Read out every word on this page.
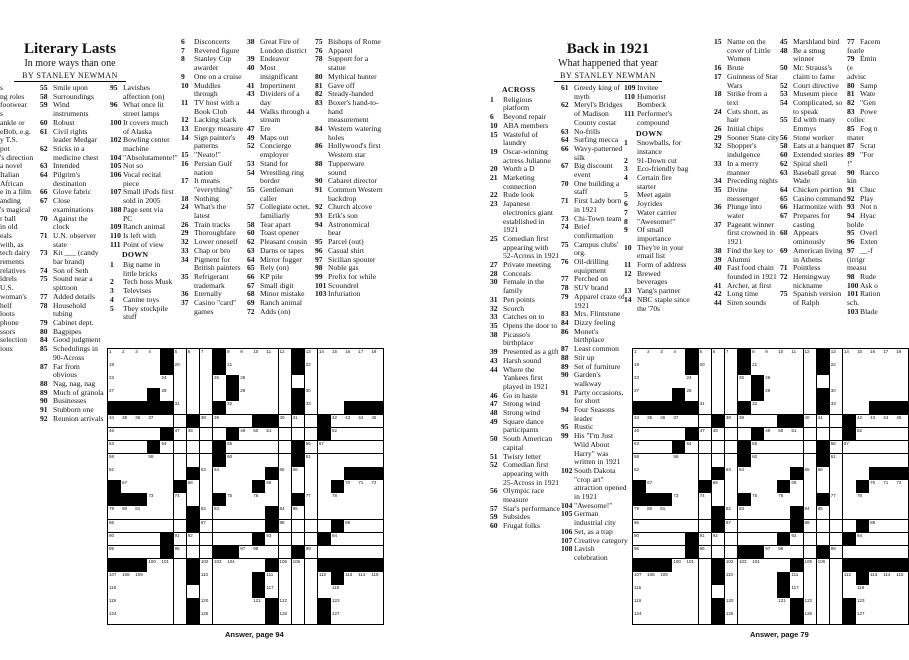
Literary Lasts
In more ways than one
BY STANLEY NEWMAN
s
ng roles
footwear
s
ankle or
eBob, e.g.
y T.S.
pot
's direction
a novel
Italian
African
e in a film
anding
's magical
r ball
in old
eals
with, as
tech dairy
rements
relatives
ldrels
U.S.
woman's
helf
loots
phone
ssors
selection
ious
55 Smile upon
58 Surroundings
59 Wind instruments
60 Robust
61 Civil rights leader Medgar
62 Sticks in a medicine chest
63 Intended
64 Pilgrim's destination
66 Glove fabric
67 Close examinations
70 Against the clock
71 U.N. observer state
73 Kit ___ (candy bar brand)
74 Son of Seth
75 Sound near a spittoon
77 Added details
78 Household tubing
79 Cabinet dept.
80 Bagpipes
84 Good judgment
85 Schedulings in 90-Across
87 Far from obvious
88 Nag, nag, nag
89 Much of granola
90 Businesses
91 Stubborn one
92 Reunion arrivals
95 Lavishes affection (on)
96 What once lit street lamps
100 It covers much of Alaska
102 Bowling center machine
104 "Absolutamente!"
105 Not so
106 Vocal recital piece
107 Small iPods first sold in 2005
108 Page sent via PC
109 Ranch animal
110 Is left with
111 Point of view
DOWN
1	Big name in little bricks
2	Tech boss Musk
3	Televises
4	Canine toys
5	They stockpile stuff
6	Disconcerts
7	Revered figure
8	Stanley Cup awarder
9	One on a cruise
10 Muddles through
11 TV host with a Book Club
12 Lacking slack
13 Energy measure
14 Sign painter's patterns
15 "Neato!"
16 Persian Gulf nation
17 It means "everything"
18 Nothing
24 What's the latest
26 Train tracks
29 Thoroughfare
32 Lower oneself
33 Chap or bro
34 Pigment for British painters
35 Refrigerant trademark
36 Eternally
37 Casino "card" games
38 Great Fire of London district
39 Endeavor
40 Most insignificant
41 Impertinent
43 Dividers of a day
44 Walks through a stream
47 Ere
49 Maps out
52 Concierge employer
53 Stand for
54 Wrestling ring border
55 Gentleman caller
57 Collegiate octet, familiarly
58 Tear apart
60 Toast opener
62 Pleasant cousin
63 Darns or tapes
64 Mirror fogger
65 Rely (on)
66 KP pile
67 Small digit
68 Minor mistake
69 Ranch animal
72 Adds (on)
75 Bishops of Rome
76 Apparel
78 Support for a statue
80 Mythical hunter
81 Gave off
82 Steady-handed
83 Boxer's hand-to-hand measurement
84 Western watering holes
86 Hollywood's first Western star
88 Tupperware sound
90 Cabaret director
91 Common Western backdrop
92 Church alcove
93 Erik's son
94 Astronomical bear
95 Parcel (out)
96 Casual shirt
97 Sicilian spouter
98 Noble gas
99 Prefix for while
101 Scoundrel
103 Infuriation
1 2 3 4	5 6 7	8 9 10 11 12	13 14 15 16 17 18
19	20	21	22
23	24	25	26
27	28	29	30
31	32	33
34 35 36 37	38 39	40 41	42 43 44 45
46	47 48	49 50 51	52
53	54	55	56 57
58	59	60	61
62	63 64	65 66
67	68	69	70 71 72
73	74	75	76	77	78
79 80 81	82 83	84 85
86	87	88	89
90	91 92	93	94
95	96	97 98	99
100 101	102 103 104	105 106
107 108 109	110	111	112	113 114 115
116	117	118
119	120	121	122	123
124	125	126	127
Answer, page 94
Back in 1921
What happened that year
BY STANLEY NEWMAN
ACROSS
1	Religious platform
6	Beyond repair
10 ABA members
15 Wasteful of laundry
19 Oscar-winning actress Julianne
20 Worth a D
21 Marketing connection
22 Rude look
23 Japanese electronics giant established in 1921
25 Comedian first appearing with 52-Across in 1921
27 Private meeting
28 Conceals
30 Female in the family
31 Pen points
32 Scorch
33 Catches on to
35 Opens the door to
38 Picasso's birthplace
39 Presented as a gift
43 Harsh sound
44 Where the Yankees first played in 1921
46 Go in haste
47 Strong wind
48 Strong wind
49 Square dance participants
50 South American capital
51 Twisty letter
52 Comedian first appearing with 25-Across in 1921
56 Olympic race measure
57 Star's performance
59 Subsides
60 Frugal folks
61 Greedy king of myth
62 Meryl's Bridges of Madison County costar
63 No-frills
64 Surfing mecca
66 Wavy-patterned silk
67 Big discount event
70 One building a staff
71 First Lady born in 1921
73 Chi-Town team
74 Brief confirmation
75 Campus clubs' org.
76 Oil-drilling equipment
77 Perched on
78 SUV brand
79 Apparel craze of 1921
83 Mrs. Flintstone
84 Dizzy feeling
86 Monet's birthplace
87 Least common
88 Stir up
89 Set of furniture
90 Garden's walkway
91 Party occasions, for short
94 Four Seasons leader
95 Rustic
99 His "I'm Just Wild About Harry" was written in 1921
102 South Dakota "crop art" attraction opened in 1921
104 "Awesome!"
105 German industrial city
106 Set, as a trap
107 Creative category
108 Lavish celebration
109 Invitee
110 Humorist Bombeck
111 Performer's compound
DOWN
1	Snowballs, for instance
2	91-Down cut
3	Eco-friendly bag
4	Certain fire starter
5	Meet again
6	Joyrides
7	Water carrier
8	"Awesome!"
9	Of small importance
10 They're in your email list
11 Form of address
12 Brewed beverages
13 Yang's partner
14 NBC staple since the '70s
15 Name on the cover of Little Women
16 Brute
17 Guinness of Star Wars
18 Strike from a text
24 Cuts short, as hair
26 Initial chips
29 Sooner State city
32 Shopper's indulgence
33 In a merry manner
34 Preceding nights
35 Divine messenger
36 Plunge into water
37 Pageant winner first crowned in 1921
38 Find the key to
39 Alumni
40 Fast food chain founded in 1921
41 Archer, at first
42 Long time
44 Siren sounds
45 Marshland bird
48 Be a smug winner
50 Mr. Strauss's claim to fame
52 Court directive
53 Museum piece
54 Complicated, so to speak
55 Ed with many Emmys
56 Stone worker
58 Eats at a banquet
60 Extended stories
62 Spiral shell
63 Baseball great Wade
64 Chicken portion
65 Casino command
66 Harmonize with
67 Prepares for casting
68 Appears ominously
69 American living in Athens
71 Pointless
72 Hemingway nickname
75 Spanish version of Ralph
77 Facem
fearle
79 Émin
(e
advisc
80 Samp
81 Wate
82 "Gen
83 Powe
collec
85 Fog n
mater
87 Scrat
89 "For
!"
90 Racco
kin
91 Chuc
92 Play
93 Not n
94 Hyac
holde
95 Overl
96 Exten
97 __-f
(irrigr
measu
98 Rude
100 Ask o
101 Ration
sch.
103 Blade
1 2 3 4	5 6 7	8 9 10 11 12	13 14 15 16 17 18
19	20	21	22
23	24	25	26
27	28	29	30
31	32	33
34 35 36 37	38 39	40 41	42 43 44 45
46	47 48	49 50 51	52
53	54	55	56 57
58	59	60	61
62	63 64	65 66
67	68	69	70 71 72
73	74	75	76	77	78
79 80 81	82 83	84 85
86	87	88	89
90	91 92	93	94
95	96	97 98	99
100 101	102 103 104	105 106
107 108 109	110	111	112	113 114 115
116	117	118
119	120	121	122	123
124	125	126	127
Answer, page 79
